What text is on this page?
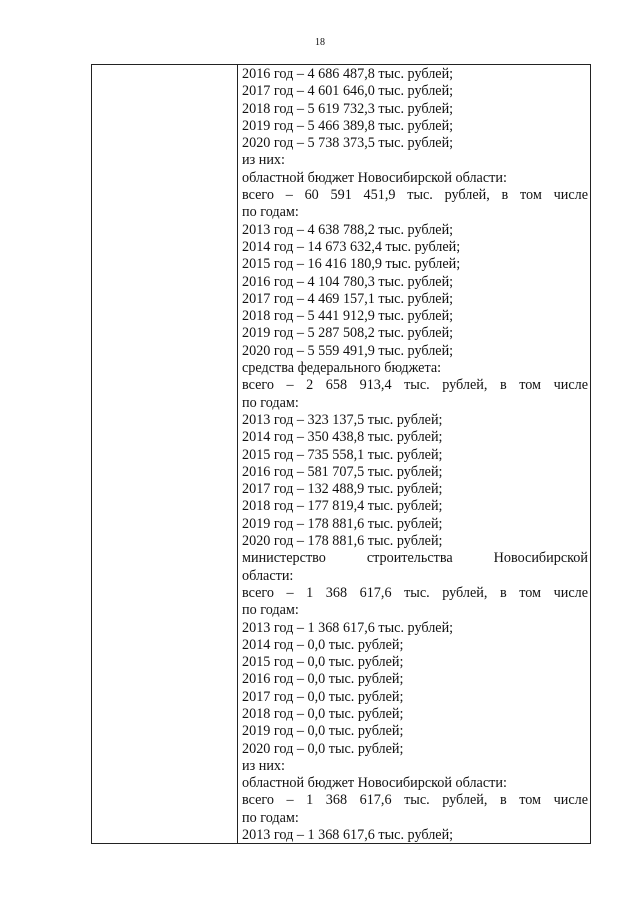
18
2016 год – 4 686 487,8 тыс. рублей;
2017 год – 4 601 646,0 тыс. рублей;
2018 год – 5 619 732,3 тыс. рублей;
2019 год – 5 466 389,8 тыс. рублей;
2020 год – 5 738 373,5 тыс. рублей;
из них:
областной бюджет Новосибирской области:
всего – 60 591 451,9 тыс. рублей, в том числе
по годам:
2013 год – 4 638 788,2 тыс. рублей;
2014 год – 14 673 632,4 тыс. рублей;
2015 год – 16 416 180,9 тыс. рублей;
2016 год – 4 104 780,3 тыс. рублей;
2017 год – 4 469 157,1 тыс. рублей;
2018 год – 5 441 912,9 тыс. рублей;
2019 год – 5 287 508,2 тыс. рублей;
2020 год – 5 559 491,9 тыс. рублей;
средства федерального бюджета:
всего – 2 658 913,4 тыс. рублей, в том числе
по годам:
2013 год – 323 137,5 тыс. рублей;
2014 год – 350 438,8 тыс. рублей;
2015 год – 735 558,1 тыс. рублей;
2016 год – 581 707,5 тыс. рублей;
2017 год – 132 488,9 тыс. рублей;
2018 год – 177 819,4 тыс. рублей;
2019 год – 178 881,6 тыс. рублей;
2020 год – 178 881,6 тыс. рублей;
министерство строительства Новосибирской
области:
всего – 1 368 617,6 тыс. рублей, в том числе
по годам:
2013 год – 1 368 617,6 тыс. рублей;
2014 год – 0,0 тыс. рублей;
2015 год – 0,0 тыс. рублей;
2016 год – 0,0 тыс. рублей;
2017 год – 0,0 тыс. рублей;
2018 год – 0,0 тыс. рублей;
2019 год – 0,0 тыс. рублей;
2020 год – 0,0 тыс. рублей;
из них:
областной бюджет Новосибирской области:
всего – 1 368 617,6 тыс. рублей, в том числе
по годам:
2013 год – 1 368 617,6 тыс. рублей;
